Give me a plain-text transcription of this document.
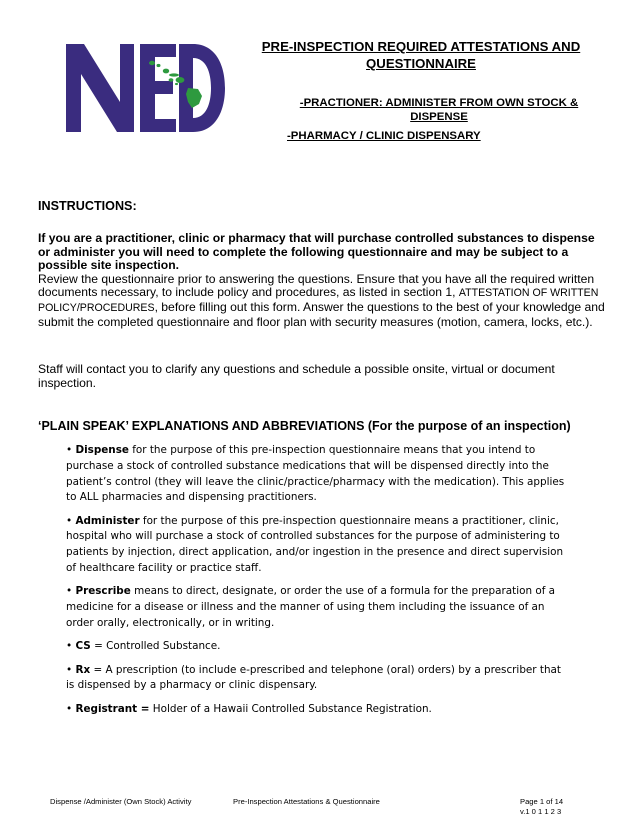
PRE-INSPECTION REQUIRED ATTESTATIONS AND QUESTIONNAIRE
-PRACTIONER: ADMINISTER FROM OWN STOCK & DISPENSE
-PHARMACY / CLINIC DISPENSARY
INSTRUCTIONS:
If you are a practitioner, clinic or pharmacy that will purchase controlled substances to dispense or administer you will need to complete the following questionnaire and may be subject to a possible site inspection.
Review the questionnaire prior to answering the questions. Ensure that you have all the required written documents necessary, to include policy and procedures, as listed in section 1, ATTESTATION OF WRITTEN POLICY/PROCEDURES, before filling out this form. Answer the questions to the best of your knowledge and submit the completed questionnaire and floor plan with security measures (motion, camera, locks, etc.).
Staff will contact you to clarify any questions and schedule a possible onsite, virtual or document inspection.
‘PLAIN SPEAK’ EXPLANATIONS AND ABBREVIATIONS (For the purpose of an inspection)
• Dispense for the purpose of this pre-inspection questionnaire means that you intend to purchase a stock of controlled substance medications that will be dispensed directly into the patient’s control (they will leave the clinic/practice/pharmacy with the medication). This applies to ALL pharmacies and dispensing practitioners.
• Administer for the purpose of this pre-inspection questionnaire means a practitioner, clinic, hospital who will purchase a stock of controlled substances for the purpose of administering to patients by injection, direct application, and/or ingestion in the presence and direct supervision of healthcare facility or practice staff.
• Prescribe means to direct, designate, or order the use of a formula for the preparation of a medicine for a disease or illness and the manner of using them including the issuance of an order orally, electronically, or in writing.
• CS = Controlled Substance.
• Rx = A prescription (to include e-prescribed and telephone (oral) orders) by a prescriber that is dispensed by a pharmacy or clinic dispensary.
• Registrant = Holder of a Hawaii Controlled Substance Registration.
Dispense /Administer (Own Stock) Activity	Pre-Inspection Attestations & Questionnaire	Page 1 of 14
v.1 0 1 1 2 3
